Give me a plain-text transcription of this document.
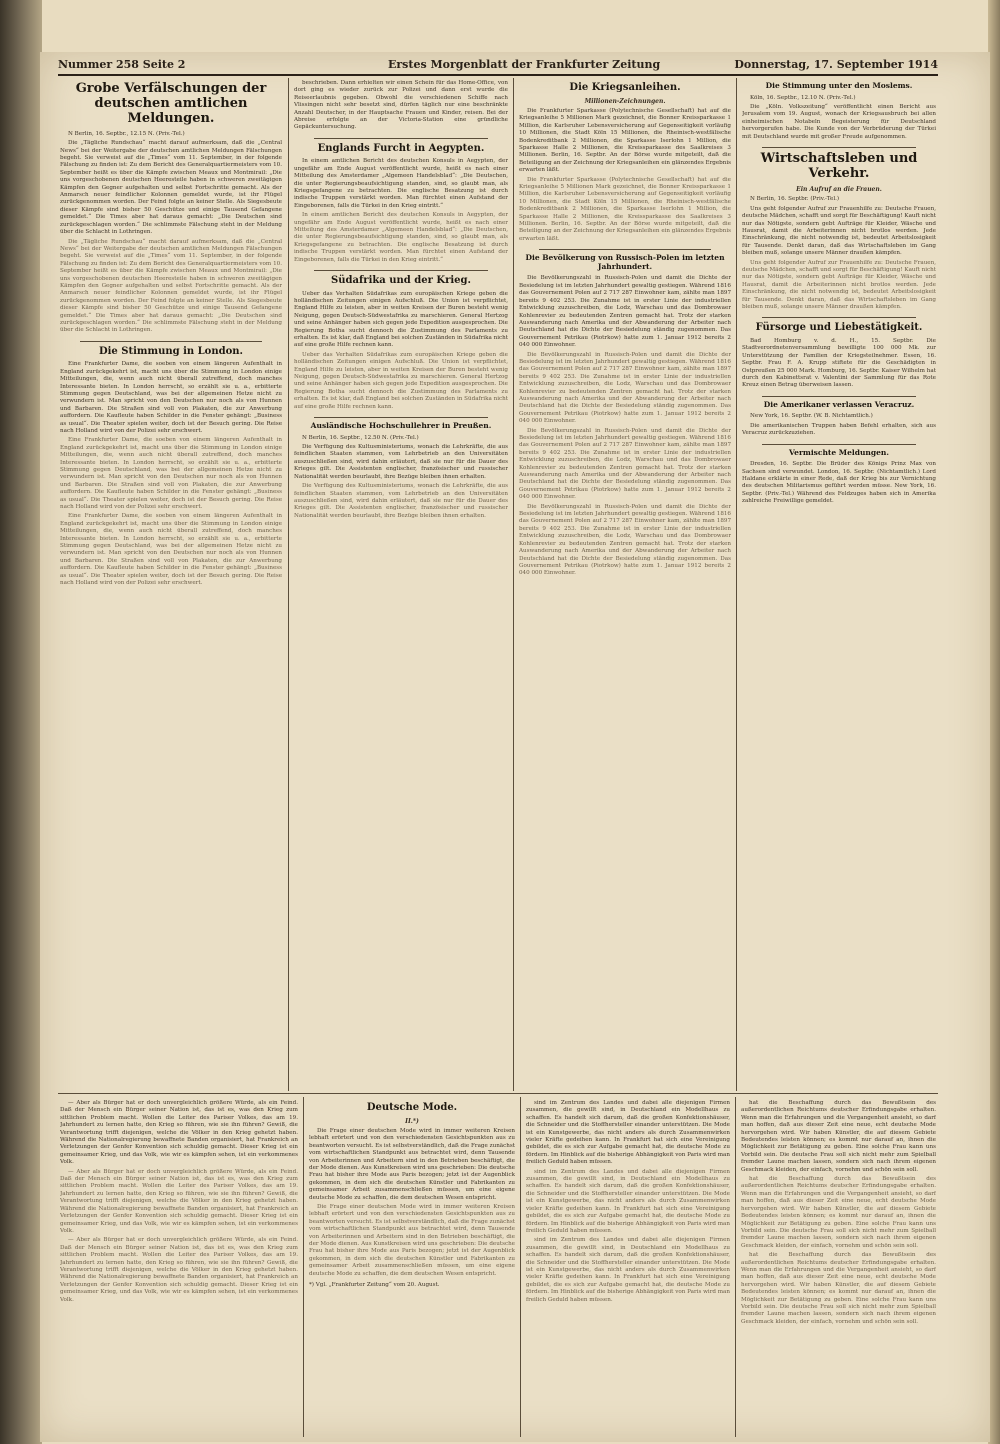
Nummer 258 Seite 2	Erstes Morgenblatt der Frankfurter Zeitung	Donnerstag, 17. September 1914
Grobe Verfälschungen der deutschen amtlichen Meldungen.

N Berlin, 16. Septbr., 12.15 N. (Priv.-Tel.)

Die „Tägliche Rundschau“ macht darauf aufmerksam, daß die „Central News“ bei der Weitergabe der deutschen amtlichen Meldungen Fälschungen begeht. Sie verweist auf die „Times“ vom 11. September, in der folgende Fälschung zu finden ist: Zu dem Bericht des Generalquartiermeisters vom 10. September heißt es über die Kämpfe zwischen Meaux und Montmirail: „Die uns vorgeschobenen deutschen Heeresteile haben in schweren zweitägigen Kämpfen den Gegner aufgehalten und selbst Fortschritte gemacht. Als der Anmarsch neuer feindlicher Kolonnen gemeldet wurde, ist ihr Flügel zurückgenommen worden. Der Feind folgte an keiner Stelle. Als Siegesbeute dieser Kämpfe sind bisher 50 Geschütze und einige Tausend Gefangene gemeldet.“ Die Times aber hat daraus gemacht: „Die Deutschen sind zurückgeschlagen worden.“ Die schlimmste Fälschung steht in der Meldung über die Schlacht in Lothringen.

Die „Tägliche Rundschau“ macht darauf aufmerksam, daß die „Central News“ bei der Weitergabe der deutschen amtlichen Meldungen Fälschungen begeht. Sie verweist auf die „Times“ vom 11. September, in der folgende Fälschung zu finden ist: Zu dem Bericht des Generalquartiermeisters vom 10. September heißt es über die Kämpfe zwischen Meaux und Montmirail: „Die uns vorgeschobenen deutschen Heeresteile haben in schweren zweitägigen Kämpfen den Gegner aufgehalten und selbst Fortschritte gemacht. Als der Anmarsch neuer feindlicher Kolonnen gemeldet wurde, ist ihr Flügel zurückgenommen worden. Der Feind folgte an keiner Stelle. Als Siegesbeute dieser Kämpfe sind bisher 50 Geschütze und einige Tausend Gefangene gemeldet.“ Die Times aber hat daraus gemacht: „Die Deutschen sind zurückgeschlagen worden.“ Die schlimmste Fälschung steht in der Meldung über die Schlacht in Lothringen.

Die Stimmung in London.

Eine Frankfurter Dame, die soeben von einem längeren Aufenthalt in England zurückgekehrt ist, macht uns über die Stimmung in London einige Mitteilungen, die, wenn auch nicht überall zutreffend, doch manches Interessante bieten. In London herrscht, so erzählt sie u. a., erbitterte Stimmung gegen Deutschland, was bei der allgemeinen Hetze nicht zu verwundern ist. Man spricht von den Deutschen nur noch als von Hunnen und Barbaren. Die Straßen sind voll von Plakaten, die zur Anwerbung auffordern. Die Kaufleute haben Schilder in die Fenster gehängt: „Business as usual“. Die Theater spielen weiter, doch ist der Besuch gering. Die Reise nach Holland wird von der Polizei sehr erschwert.

Eine Frankfurter Dame, die soeben von einem längeren Aufenthalt in England zurückgekehrt ist, macht uns über die Stimmung in London einige Mitteilungen, die, wenn auch nicht überall zutreffend, doch manches Interessante bieten. In London herrscht, so erzählt sie u. a., erbitterte Stimmung gegen Deutschland, was bei der allgemeinen Hetze nicht zu verwundern ist. Man spricht von den Deutschen nur noch als von Hunnen und Barbaren. Die Straßen sind voll von Plakaten, die zur Anwerbung auffordern. Die Kaufleute haben Schilder in die Fenster gehängt: „Business as usual“. Die Theater spielen weiter, doch ist der Besuch gering. Die Reise nach Holland wird von der Polizei sehr erschwert.

Eine Frankfurter Dame, die soeben von einem längeren Aufenthalt in England zurückgekehrt ist, macht uns über die Stimmung in London einige Mitteilungen, die, wenn auch nicht überall zutreffend, doch manches Interessante bieten. In London herrscht, so erzählt sie u. a., erbitterte Stimmung gegen Deutschland, was bei der allgemeinen Hetze nicht zu verwundern ist. Man spricht von den Deutschen nur noch als von Hunnen und Barbaren. Die Straßen sind voll von Plakaten, die zur Anwerbung auffordern. Die Kaufleute haben Schilder in die Fenster gehängt: „Business as usual“. Die Theater spielen weiter, doch ist der Besuch gering. Die Reise nach Holland wird von der Polizei sehr erschwert.

beschrieben. Dann erhielten wir einen Schein für das Home-Office, von dort ging es wieder zurück zur Polizei und dann erst wurde die Reiseerlaubnis gegeben. Obwohl die verschiedenen Schiffe nach Vlissingen nicht sehr besetzt sind, dürfen täglich nur eine beschränkte Anzahl Deutscher, in der Hauptsache Frauen und Kinder, reisen. Bei der Abreise erfolgte an der Victoria-Station eine gründliche Gepäckuntersuchung.

Englands Furcht in Aegypten.

In einem amtlichen Bericht des deutschen Konsuls in Aegypten, der ungefähr am Ende August veröffentlicht wurde, heißt es nach einer Mitteilung des Amsterdamer „Algemeen Handelsblad“: „Die Deutschen, die unter Regierungsbeaufsichtigung standen, sind, so glaubt man, als Kriegsgefangene zu betrachten. Die englische Besatzung ist durch indische Truppen verstärkt worden. Man fürchtet einen Aufstand der Eingeborenen, falls die Türkei in den Krieg eintritt.“

In einem amtlichen Bericht des deutschen Konsuls in Aegypten, der ungefähr am Ende August veröffentlicht wurde, heißt es nach einer Mitteilung des Amsterdamer „Algemeen Handelsblad“: „Die Deutschen, die unter Regierungsbeaufsichtigung standen, sind, so glaubt man, als Kriegsgefangene zu betrachten. Die englische Besatzung ist durch indische Truppen verstärkt worden. Man fürchtet einen Aufstand der Eingeborenen, falls die Türkei in den Krieg eintritt.“

Südafrika und der Krieg.

Ueber das Verhalten Südafrikas zum europäischen Kriege geben die holländischen Zeitungen einigen Aufschluß. Die Union ist verpflichtet, England Hilfe zu leisten, aber in weiten Kreisen der Buren besteht wenig Neigung, gegen Deutsch-Südwestafrika zu marschieren. General Hertzog und seine Anhänger haben sich gegen jede Expedition ausgesprochen. Die Regierung Botha sucht dennoch die Zustimmung des Parlaments zu erhalten. Es ist klar, daß England bei solchen Zuständen in Südafrika nicht auf eine große Hilfe rechnen kann.

Ueber das Verhalten Südafrikas zum europäischen Kriege geben die holländischen Zeitungen einigen Aufschluß. Die Union ist verpflichtet, England Hilfe zu leisten, aber in weiten Kreisen der Buren besteht wenig Neigung, gegen Deutsch-Südwestafrika zu marschieren. General Hertzog und seine Anhänger haben sich gegen jede Expedition ausgesprochen. Die Regierung Botha sucht dennoch die Zustimmung des Parlaments zu erhalten. Es ist klar, daß England bei solchen Zuständen in Südafrika nicht auf eine große Hilfe rechnen kann.

Ausländische Hochschullehrer in Preußen.

N Berlin, 16. Septbr., 12.50 N. (Priv.-Tel.)

Die Verfügung des Kultusministeriums, wonach die Lehrkräfte, die aus feindlichen Staaten stammen, vom Lehrbetrieb an den Universitäten auszuschließen sind, wird dahin erläutert, daß sie nur für die Dauer des Krieges gilt. Die Assistenten englischer, französischer und russischer Nationalität werden beurlaubt, ihre Bezüge bleiben ihnen erhalten.

Die Verfügung des Kultusministeriums, wonach die Lehrkräfte, die aus feindlichen Staaten stammen, vom Lehrbetrieb an den Universitäten auszuschließen sind, wird dahin erläutert, daß sie nur für die Dauer des Krieges gilt. Die Assistenten englischer, französischer und russischer Nationalität werden beurlaubt, ihre Bezüge bleiben ihnen erhalten.

Die Kriegsanleihen.
Millionen-Zeichnungen.

Die Frankfurter Sparkasse (Polytechnische Gesellschaft) hat auf die Kriegsanleihe 5 Millionen Mark gezeichnet, die Bonner Kreissparkasse 1 Million, die Karlsruher Lebensversicherung auf Gegenseitigkeit vorläufig 10 Millionen, die Stadt Köln 15 Millionen, die Rheinisch-westfälische Bodenkreditbank 2 Millionen, die Sparkasse Iserlohn 1 Million, die Sparkasse Halle 2 Millionen, die Kreissparkasse des Saalkreises 3 Millionen. Berlin, 16. Septbr. An der Börse wurde mitgeteilt, daß die Beteiligung an der Zeichnung der Kriegsanleihen ein glänzendes Ergebnis erwarten läßt.

Die Frankfurter Sparkasse (Polytechnische Gesellschaft) hat auf die Kriegsanleihe 5 Millionen Mark gezeichnet, die Bonner Kreissparkasse 1 Million, die Karlsruher Lebensversicherung auf Gegenseitigkeit vorläufig 10 Millionen, die Stadt Köln 15 Millionen, die Rheinisch-westfälische Bodenkreditbank 2 Millionen, die Sparkasse Iserlohn 1 Million, die Sparkasse Halle 2 Millionen, die Kreissparkasse des Saalkreises 3 Millionen. Berlin, 16. Septbr. An der Börse wurde mitgeteilt, daß die Beteiligung an der Zeichnung der Kriegsanleihen ein glänzendes Ergebnis erwarten läßt.

Die Bevölkerung von Russisch-Polen im letzten Jahrhundert.

Die Bevölkerungszahl in Russisch-Polen und damit die Dichte der Besiedelung ist im letzten Jahrhundert gewaltig gestiegen. Während 1816 das Gouvernement Polen auf 2 717 287 Einwohner kam, zählte man 1897 bereits 9 402 253. Die Zunahme ist in erster Linie der industriellen Entwicklung zuzuschreiben, die Lodz, Warschau und das Dombrowaer Kohlenrevier zu bedeutenden Zentren gemacht hat. Trotz der starken Auswanderung nach Amerika und der Abwanderung der Arbeiter nach Deutschland hat die Dichte der Besiedelung ständig zugenommen. Das Gouvernement Petrikau (Piotrkow) hatte zum 1. Januar 1912 bereits 2 040 000 Einwohner.

Die Bevölkerungszahl in Russisch-Polen und damit die Dichte der Besiedelung ist im letzten Jahrhundert gewaltig gestiegen. Während 1816 das Gouvernement Polen auf 2 717 287 Einwohner kam, zählte man 1897 bereits 9 402 253. Die Zunahme ist in erster Linie der industriellen Entwicklung zuzuschreiben, die Lodz, Warschau und das Dombrowaer Kohlenrevier zu bedeutenden Zentren gemacht hat. Trotz der starken Auswanderung nach Amerika und der Abwanderung der Arbeiter nach Deutschland hat die Dichte der Besiedelung ständig zugenommen. Das Gouvernement Petrikau (Piotrkow) hatte zum 1. Januar 1912 bereits 2 040 000 Einwohner.

Die Bevölkerungszahl in Russisch-Polen und damit die Dichte der Besiedelung ist im letzten Jahrhundert gewaltig gestiegen. Während 1816 das Gouvernement Polen auf 2 717 287 Einwohner kam, zählte man 1897 bereits 9 402 253. Die Zunahme ist in erster Linie der industriellen Entwicklung zuzuschreiben, die Lodz, Warschau und das Dombrowaer Kohlenrevier zu bedeutenden Zentren gemacht hat. Trotz der starken Auswanderung nach Amerika und der Abwanderung der Arbeiter nach Deutschland hat die Dichte der Besiedelung ständig zugenommen. Das Gouvernement Petrikau (Piotrkow) hatte zum 1. Januar 1912 bereits 2 040 000 Einwohner.

Die Bevölkerungszahl in Russisch-Polen und damit die Dichte der Besiedelung ist im letzten Jahrhundert gewaltig gestiegen. Während 1816 das Gouvernement Polen auf 2 717 287 Einwohner kam, zählte man 1897 bereits 9 402 253. Die Zunahme ist in erster Linie der industriellen Entwicklung zuzuschreiben, die Lodz, Warschau und das Dombrowaer Kohlenrevier zu bedeutenden Zentren gemacht hat. Trotz der starken Auswanderung nach Amerika und der Abwanderung der Arbeiter nach Deutschland hat die Dichte der Besiedelung ständig zugenommen. Das Gouvernement Petrikau (Piotrkow) hatte zum 1. Januar 1912 bereits 2 040 000 Einwohner.

Die Stimmung unter den Moslems.

Köln, 16. Septbr., 12.10 N. (Priv.-Tel.)

Die „Köln. Volkszeitung“ veröffentlicht einen Bericht aus Jerusalem vom 19. August, wonach der Kriegsausbruch bei allen einheimischen Notabeln Begeisterung für Deutschland hervorgerufen habe. Die Kunde von der Verbrüderung der Türkei mit Deutschland wurde mit großer Freude aufgenommen.

Wirtschaftsleben und Verkehr.
Ein Aufruf an die Frauen.

N Berlin, 16. Septbr. (Priv.-Tel.)

Uns geht folgender Aufruf zur Frauenhilfe zu: Deutsche Frauen, deutsche Mädchen, schafft und sorgt für Beschäftigung! Kauft nicht nur das Nötigste, sondern gebt Aufträge für Kleider, Wäsche und Hausrat, damit die Arbeiterinnen nicht brotlos werden. Jede Einschränkung, die nicht notwendig ist, bedeutet Arbeitslosigkeit für Tausende. Denkt daran, daß das Wirtschaftsleben im Gang bleiben muß, solange unsere Männer draußen kämpfen.

Uns geht folgender Aufruf zur Frauenhilfe zu: Deutsche Frauen, deutsche Mädchen, schafft und sorgt für Beschäftigung! Kauft nicht nur das Nötigste, sondern gebt Aufträge für Kleider, Wäsche und Hausrat, damit die Arbeiterinnen nicht brotlos werden. Jede Einschränkung, die nicht notwendig ist, bedeutet Arbeitslosigkeit für Tausende. Denkt daran, daß das Wirtschaftsleben im Gang bleiben muß, solange unsere Männer draußen kämpfen.

Fürsorge und Liebestätigkeit.

Bad Homburg v. d. H., 15. Septbr. Die Stadtverordnetenversammlung bewilligte 100 000 Mk. zur Unterstützung der Familien der Kriegsteilnehmer. Essen, 16. Septbr. Frau F. A. Krupp stiftete für die Geschädigten in Ostpreußen 25 000 Mark. Homburg, 16. Septbr. Kaiser Wilhelm hat durch den Kabinettsrat v. Valentini der Sammlung für das Rote Kreuz einen Betrag überweisen lassen.

Die Amerikaner verlassen Veracruz.

New York, 16. Septbr. (W. B. Nichtamtlich.)

Die amerikanischen Truppen haben Befehl erhalten, sich aus Veracruz zurückzuziehen.

Vermischte Meldungen.

Dresden, 16. Septbr. Die Brüder des Königs Prinz Max von Sachsen sind verwundet. London, 16. Septbr. (Nichtamtlich.) Lord Haldane erklärte in einer Rede, daß der Krieg bis zur Vernichtung des deutschen Militarismus geführt werden müsse. New York, 16. Septbr. (Priv.-Tel.) Während des Feldzuges haben sich in Amerika zahlreiche Freiwillige gemeldet.

— Aber als Bürger hat er doch unvergleichlich größere Würde, als ein Feind. Daß der Mensch ein Bürger seiner Nation ist, das ist es, was den Krieg zum sittlichen Problem macht. Wollen die Leiter des Pariser Volkes, das am 19. Jahrhundert zu lernen hatte, den Krieg so führen, wie sie ihn führen? Gewiß, die Verantwortung trifft diejenigen, welche die Völker in den Krieg gehetzt haben. Während die Nationalregierung bewaffnete Banden organisiert, hat Frankreich an Verletzungen der Genfer Konvention sich schuldig gemacht. Dieser Krieg ist ein gemeinsamer Krieg, und das Volk, wie wir es kämpfen sehen, ist ein verkommenes Volk.

— Aber als Bürger hat er doch unvergleichlich größere Würde, als ein Feind. Daß der Mensch ein Bürger seiner Nation ist, das ist es, was den Krieg zum sittlichen Problem macht. Wollen die Leiter des Pariser Volkes, das am 19. Jahrhundert zu lernen hatte, den Krieg so führen, wie sie ihn führen? Gewiß, die Verantwortung trifft diejenigen, welche die Völker in den Krieg gehetzt haben. Während die Nationalregierung bewaffnete Banden organisiert, hat Frankreich an Verletzungen der Genfer Konvention sich schuldig gemacht. Dieser Krieg ist ein gemeinsamer Krieg, und das Volk, wie wir es kämpfen sehen, ist ein verkommenes Volk.

— Aber als Bürger hat er doch unvergleichlich größere Würde, als ein Feind. Daß der Mensch ein Bürger seiner Nation ist, das ist es, was den Krieg zum sittlichen Problem macht. Wollen die Leiter des Pariser Volkes, das am 19. Jahrhundert zu lernen hatte, den Krieg so führen, wie sie ihn führen? Gewiß, die Verantwortung trifft diejenigen, welche die Völker in den Krieg gehetzt haben. Während die Nationalregierung bewaffnete Banden organisiert, hat Frankreich an Verletzungen der Genfer Konvention sich schuldig gemacht. Dieser Krieg ist ein gemeinsamer Krieg, und das Volk, wie wir es kämpfen sehen, ist ein verkommenes Volk.

Deutsche Mode.
II.*)

Die Frage einer deutschen Mode wird in immer weiteren Kreisen lebhaft erörtert und von den verschiedensten Gesichtspunkten aus zu beantworten versucht. Es ist selbstverständlich, daß die Frage zunächst vom wirtschaftlichen Standpunkt aus betrachtet wird, denn Tausende von Arbeiterinnen und Arbeitern sind in den Betrieben beschäftigt, die der Mode dienen. Aus Kunstkreisen wird uns geschrieben: Die deutsche Frau hat bisher ihre Mode aus Paris bezogen; jetzt ist der Augenblick gekommen, in dem sich die deutschen Künstler und Fabrikanten zu gemeinsamer Arbeit zusammenschließen müssen, um eine eigene deutsche Mode zu schaffen, die dem deutschen Wesen entspricht.

Die Frage einer deutschen Mode wird in immer weiteren Kreisen lebhaft erörtert und von den verschiedensten Gesichtspunkten aus zu beantworten versucht. Es ist selbstverständlich, daß die Frage zunächst vom wirtschaftlichen Standpunkt aus betrachtet wird, denn Tausende von Arbeiterinnen und Arbeitern sind in den Betrieben beschäftigt, die der Mode dienen. Aus Kunstkreisen wird uns geschrieben: Die deutsche Frau hat bisher ihre Mode aus Paris bezogen; jetzt ist der Augenblick gekommen, in dem sich die deutschen Künstler und Fabrikanten zu gemeinsamer Arbeit zusammenschließen müssen, um eine eigene deutsche Mode zu schaffen, die dem deutschen Wesen entspricht.

*) Vgl. „Frankfurter Zeitung“ vom 20. August.

sind im Zentrum des Landes und dabei alle diejenigen Firmen zusammen, die gewillt sind, in Deutschland ein Modellhaus zu schaffen. Es handelt sich darum, daß die großen Konfektionshäuser, die Schneider und die Stoffhersteller einander unterstützen. Die Mode ist ein Kunstgewerbe, das nicht anders als durch Zusammenwirken vieler Kräfte gedeihen kann. In Frankfurt hat sich eine Vereinigung gebildet, die es sich zur Aufgabe gemacht hat, die deutsche Mode zu fördern. Im Hinblick auf die bisherige Abhängigkeit von Paris wird man freilich Geduld haben müssen.

sind im Zentrum des Landes und dabei alle diejenigen Firmen zusammen, die gewillt sind, in Deutschland ein Modellhaus zu schaffen. Es handelt sich darum, daß die großen Konfektionshäuser, die Schneider und die Stoffhersteller einander unterstützen. Die Mode ist ein Kunstgewerbe, das nicht anders als durch Zusammenwirken vieler Kräfte gedeihen kann. In Frankfurt hat sich eine Vereinigung gebildet, die es sich zur Aufgabe gemacht hat, die deutsche Mode zu fördern. Im Hinblick auf die bisherige Abhängigkeit von Paris wird man freilich Geduld haben müssen.

sind im Zentrum des Landes und dabei alle diejenigen Firmen zusammen, die gewillt sind, in Deutschland ein Modellhaus zu schaffen. Es handelt sich darum, daß die großen Konfektionshäuser, die Schneider und die Stoffhersteller einander unterstützen. Die Mode ist ein Kunstgewerbe, das nicht anders als durch Zusammenwirken vieler Kräfte gedeihen kann. In Frankfurt hat sich eine Vereinigung gebildet, die es sich zur Aufgabe gemacht hat, die deutsche Mode zu fördern. Im Hinblick auf die bisherige Abhängigkeit von Paris wird man freilich Geduld haben müssen.

hat die Beschaffung durch das Bewußtsein des außerordentlichen Reichtums deutscher Erfindungsgabe erhalten. Wenn man die Erfahrungen und die Vergangenheit ansieht, so darf man hoffen, daß aus dieser Zeit eine neue, echt deutsche Mode hervorgehen wird. Wir haben Künstler, die auf diesem Gebiete Bedeutendes leisten können; es kommt nur darauf an, ihnen die Möglichkeit zur Betätigung zu geben. Eine solche Frau kann uns Vorbild sein. Die deutsche Frau soll sich nicht mehr zum Spielball fremder Laune machen lassen, sondern sich nach ihrem eigenen Geschmack kleiden, der einfach, vornehm und schön sein soll.

hat die Beschaffung durch das Bewußtsein des außerordentlichen Reichtums deutscher Erfindungsgabe erhalten. Wenn man die Erfahrungen und die Vergangenheit ansieht, so darf man hoffen, daß aus dieser Zeit eine neue, echt deutsche Mode hervorgehen wird. Wir haben Künstler, die auf diesem Gebiete Bedeutendes leisten können; es kommt nur darauf an, ihnen die Möglichkeit zur Betätigung zu geben. Eine solche Frau kann uns Vorbild sein. Die deutsche Frau soll sich nicht mehr zum Spielball fremder Laune machen lassen, sondern sich nach ihrem eigenen Geschmack kleiden, der einfach, vornehm und schön sein soll.

hat die Beschaffung durch das Bewußtsein des außerordentlichen Reichtums deutscher Erfindungsgabe erhalten. Wenn man die Erfahrungen und die Vergangenheit ansieht, so darf man hoffen, daß aus dieser Zeit eine neue, echt deutsche Mode hervorgehen wird. Wir haben Künstler, die auf diesem Gebiete Bedeutendes leisten können; es kommt nur darauf an, ihnen die Möglichkeit zur Betätigung zu geben. Eine solche Frau kann uns Vorbild sein. Die deutsche Frau soll sich nicht mehr zum Spielball fremder Laune machen lassen, sondern sich nach ihrem eigenen Geschmack kleiden, der einfach, vornehm und schön sein soll.
